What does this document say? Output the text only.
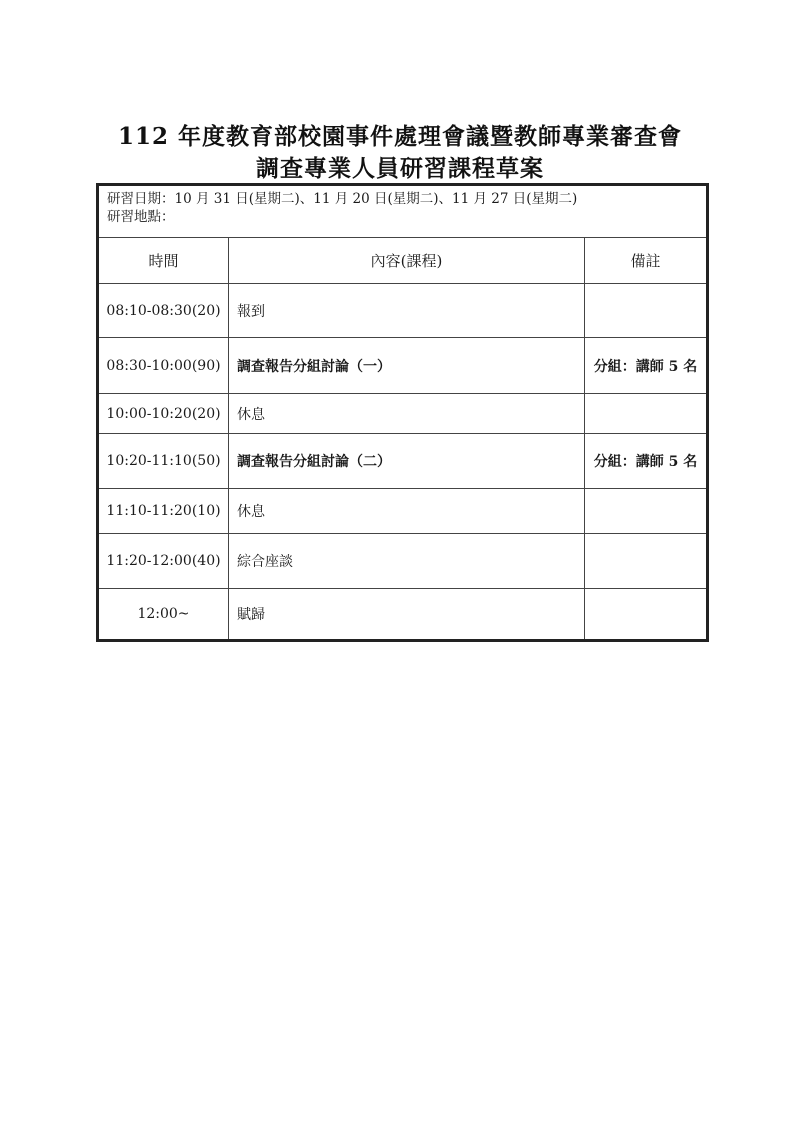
112 年度教育部校園事件處理會議暨教師專業審查會
調查專業人員研習課程草案
研習日期：10 月 31 日(星期二)、11 月 20 日(星期二)、11 月 27 日(星期二)
研習地點：
時間	內容(課程)	備註
08:10-08:30(20)	報到
08:30-10:00(90)	調查報告分組討論（一）	分組：講師 5 名
10:00-10:20(20)	休息
10:20-11:10(50)	調查報告分組討論（二）	分組：講師 5 名
11:10-11:20(10)	休息
11:20-12:00(40)	綜合座談
12:00~	賦歸
